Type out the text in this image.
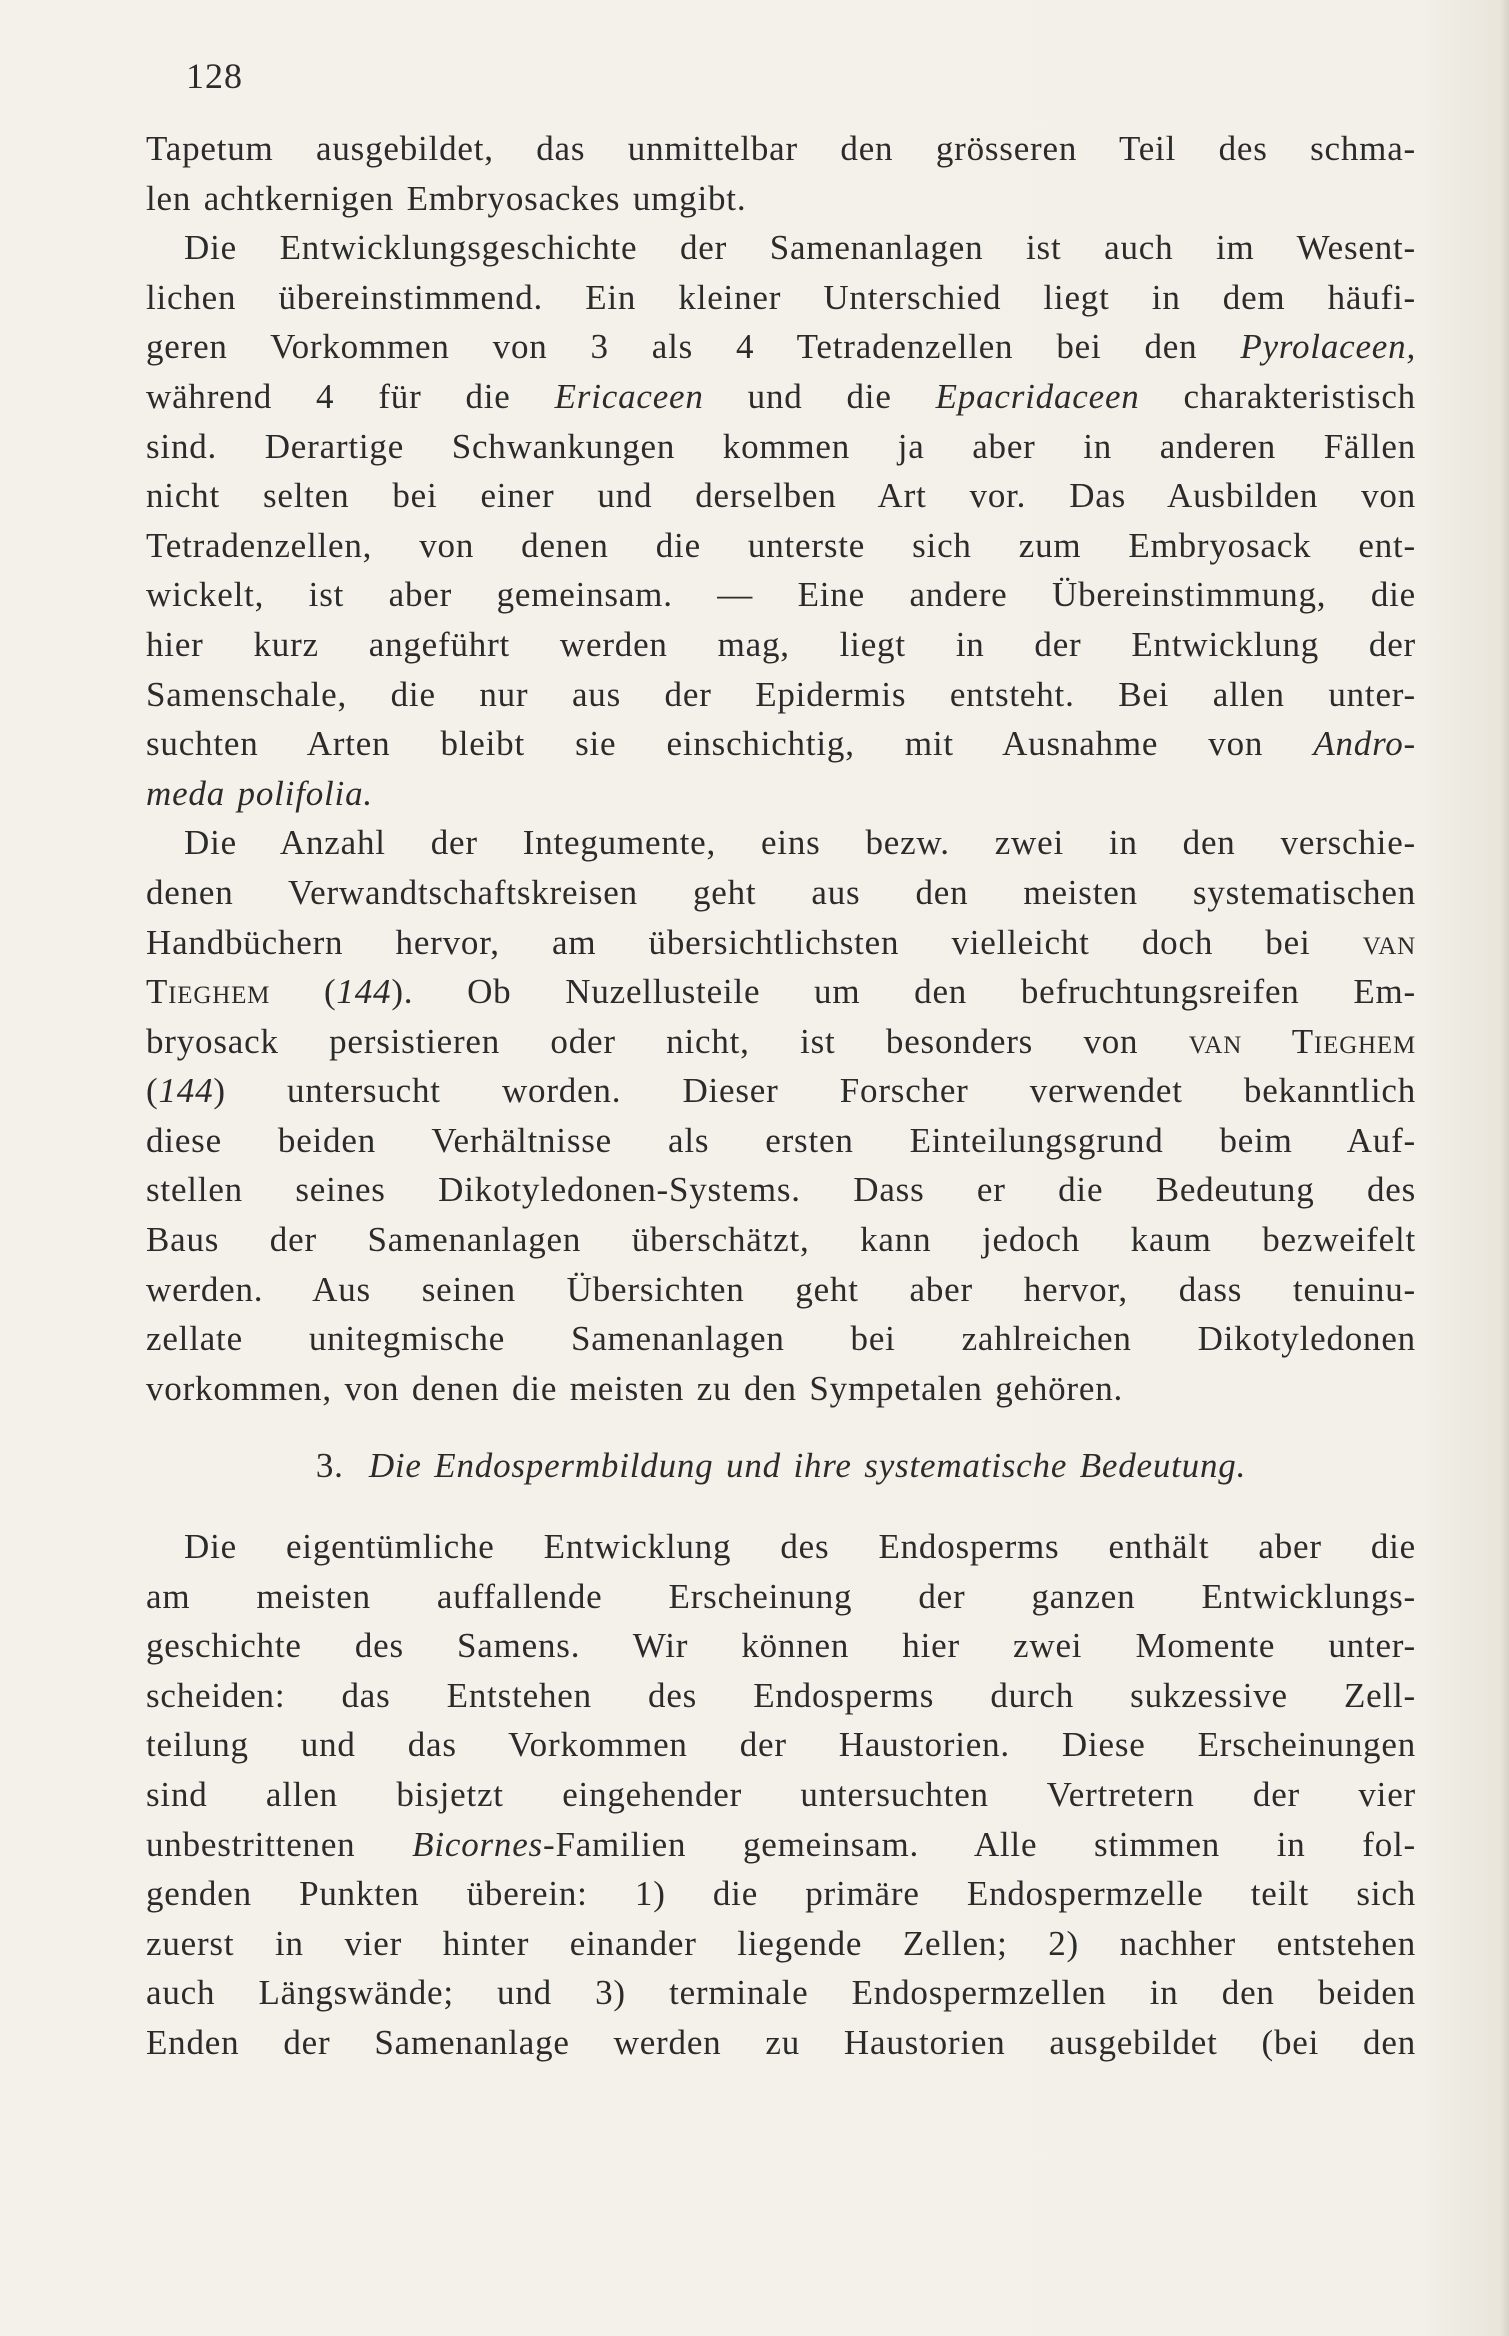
128
Tapetum ausgebildet, das unmittelbar den grösseren Teil des schma-
len achtkernigen Embryosackes umgibt.
Die Entwicklungsgeschichte der Samenanlagen ist auch im Wesent-
lichen übereinstimmend. Ein kleiner Unterschied liegt in dem häufi-
geren Vorkommen von 3 als 4 Tetradenzellen bei den Pyrolaceen,
während 4 für die Ericaceen und die Epacridaceen charakteristisch
sind. Derartige Schwankungen kommen ja aber in anderen Fällen
nicht selten bei einer und derselben Art vor. Das Ausbilden von
Tetradenzellen, von denen die unterste sich zum Embryosack ent-
wickelt, ist aber gemeinsam. — Eine andere Übereinstimmung, die
hier kurz angeführt werden mag, liegt in der Entwicklung der
Samenschale, die nur aus der Epidermis entsteht. Bei allen unter-
suchten Arten bleibt sie einschichtig, mit Ausnahme von Andro-
meda polifolia.
Die Anzahl der Integumente, eins bezw. zwei in den verschie-
denen Verwandtschaftskreisen geht aus den meisten systematischen
Handbüchern hervor, am übersichtlichsten vielleicht doch bei van
Tieghem (144). Ob Nuzellusteile um den befruchtungsreifen Em-
bryosack persistieren oder nicht, ist besonders von van Tieghem
(144) untersucht worden. Dieser Forscher verwendet bekanntlich
diese beiden Verhältnisse als ersten Einteilungsgrund beim Auf-
stellen seines Dikotyledonen-Systems. Dass er die Bedeutung des
Baus der Samenanlagen überschätzt, kann jedoch kaum bezweifelt
werden. Aus seinen Übersichten geht aber hervor, dass tenuinu-
zellate unitegmische Samenanlagen bei zahlreichen Dikotyledonen
vorkommen, von denen die meisten zu den Sympetalen gehören.
3. Die Endospermbildung und ihre systematische Bedeutung.
Die eigentümliche Entwicklung des Endosperms enthält aber die
am meisten auffallende Erscheinung der ganzen Entwicklungs-
geschichte des Samens. Wir können hier zwei Momente unter-
scheiden: das Entstehen des Endosperms durch sukzessive Zell-
teilung und das Vorkommen der Haustorien. Diese Erscheinungen
sind allen bisjetzt eingehender untersuchten Vertretern der vier
unbestrittenen Bicornes-Familien gemeinsam. Alle stimmen in fol-
genden Punkten überein: 1) die primäre Endospermzelle teilt sich
zuerst in vier hinter einander liegende Zellen; 2) nachher entstehen
auch Längswände; und 3) terminale Endospermzellen in den beiden
Enden der Samenanlage werden zu Haustorien ausgebildet (bei den
